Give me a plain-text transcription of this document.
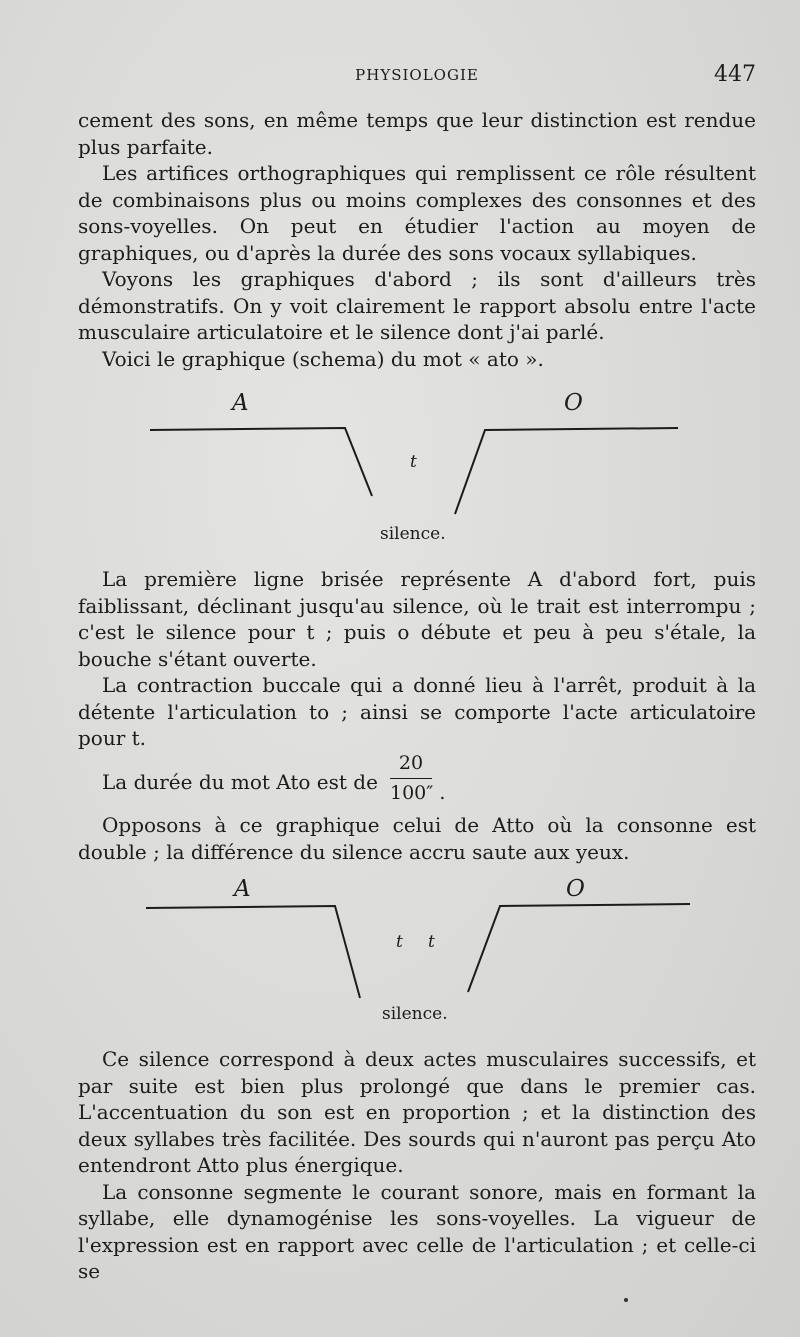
PHYSIOLOGIE	447

cement des sons, en même temps que leur distinction est rendue plus parfaite.

Les artifices orthographiques qui remplissent ce rôle résultent de combinaisons plus ou moins complexes des consonnes et des sons-voyelles. On peut en étudier l'action au moyen de graphiques, ou d'après la durée des sons vocaux syllabiques.

Voyons les graphiques d'abord ; ils sont d'ailleurs très démonstratifs. On y voit clairement le rapport absolu entre l'acte musculaire articulatoire et le silence dont j'ai parlé.

Voici le graphique (schema) du mot « ato ».

A	O
t
silence.

La première ligne brisée représente A d'abord fort, puis faiblissant, déclinant jusqu'au silence, où le trait est interrompu ; c'est le silence pour t ; puis o débute et peu à peu s'étale, la bouche s'étant ouverte.

La contraction buccale qui a donné lieu à l'arrêt, produit à la détente l'articulation to ; ainsi se comporte l'acte articulatoire pour t.

La durée du mot Ato est de
20
100″ .

Opposons à ce graphique celui de Atto où la consonne est double ; la différence du silence accru saute aux yeux.

A	O
t t
silence.

Ce silence correspond à deux actes musculaires successifs, et par suite est bien plus prolongé que dans le premier cas. L'accentuation du son est en proportion ; et la distinction des deux syllabes très facilitée. Des sourds qui n'auront pas perçu Ato entendront Atto plus énergique.

La consonne segmente le courant sonore, mais en formant la syllabe, elle dynamogénise les sons-voyelles. La vigueur de l'expression est en rapport avec celle de l'articulation ; et celle-ci se
